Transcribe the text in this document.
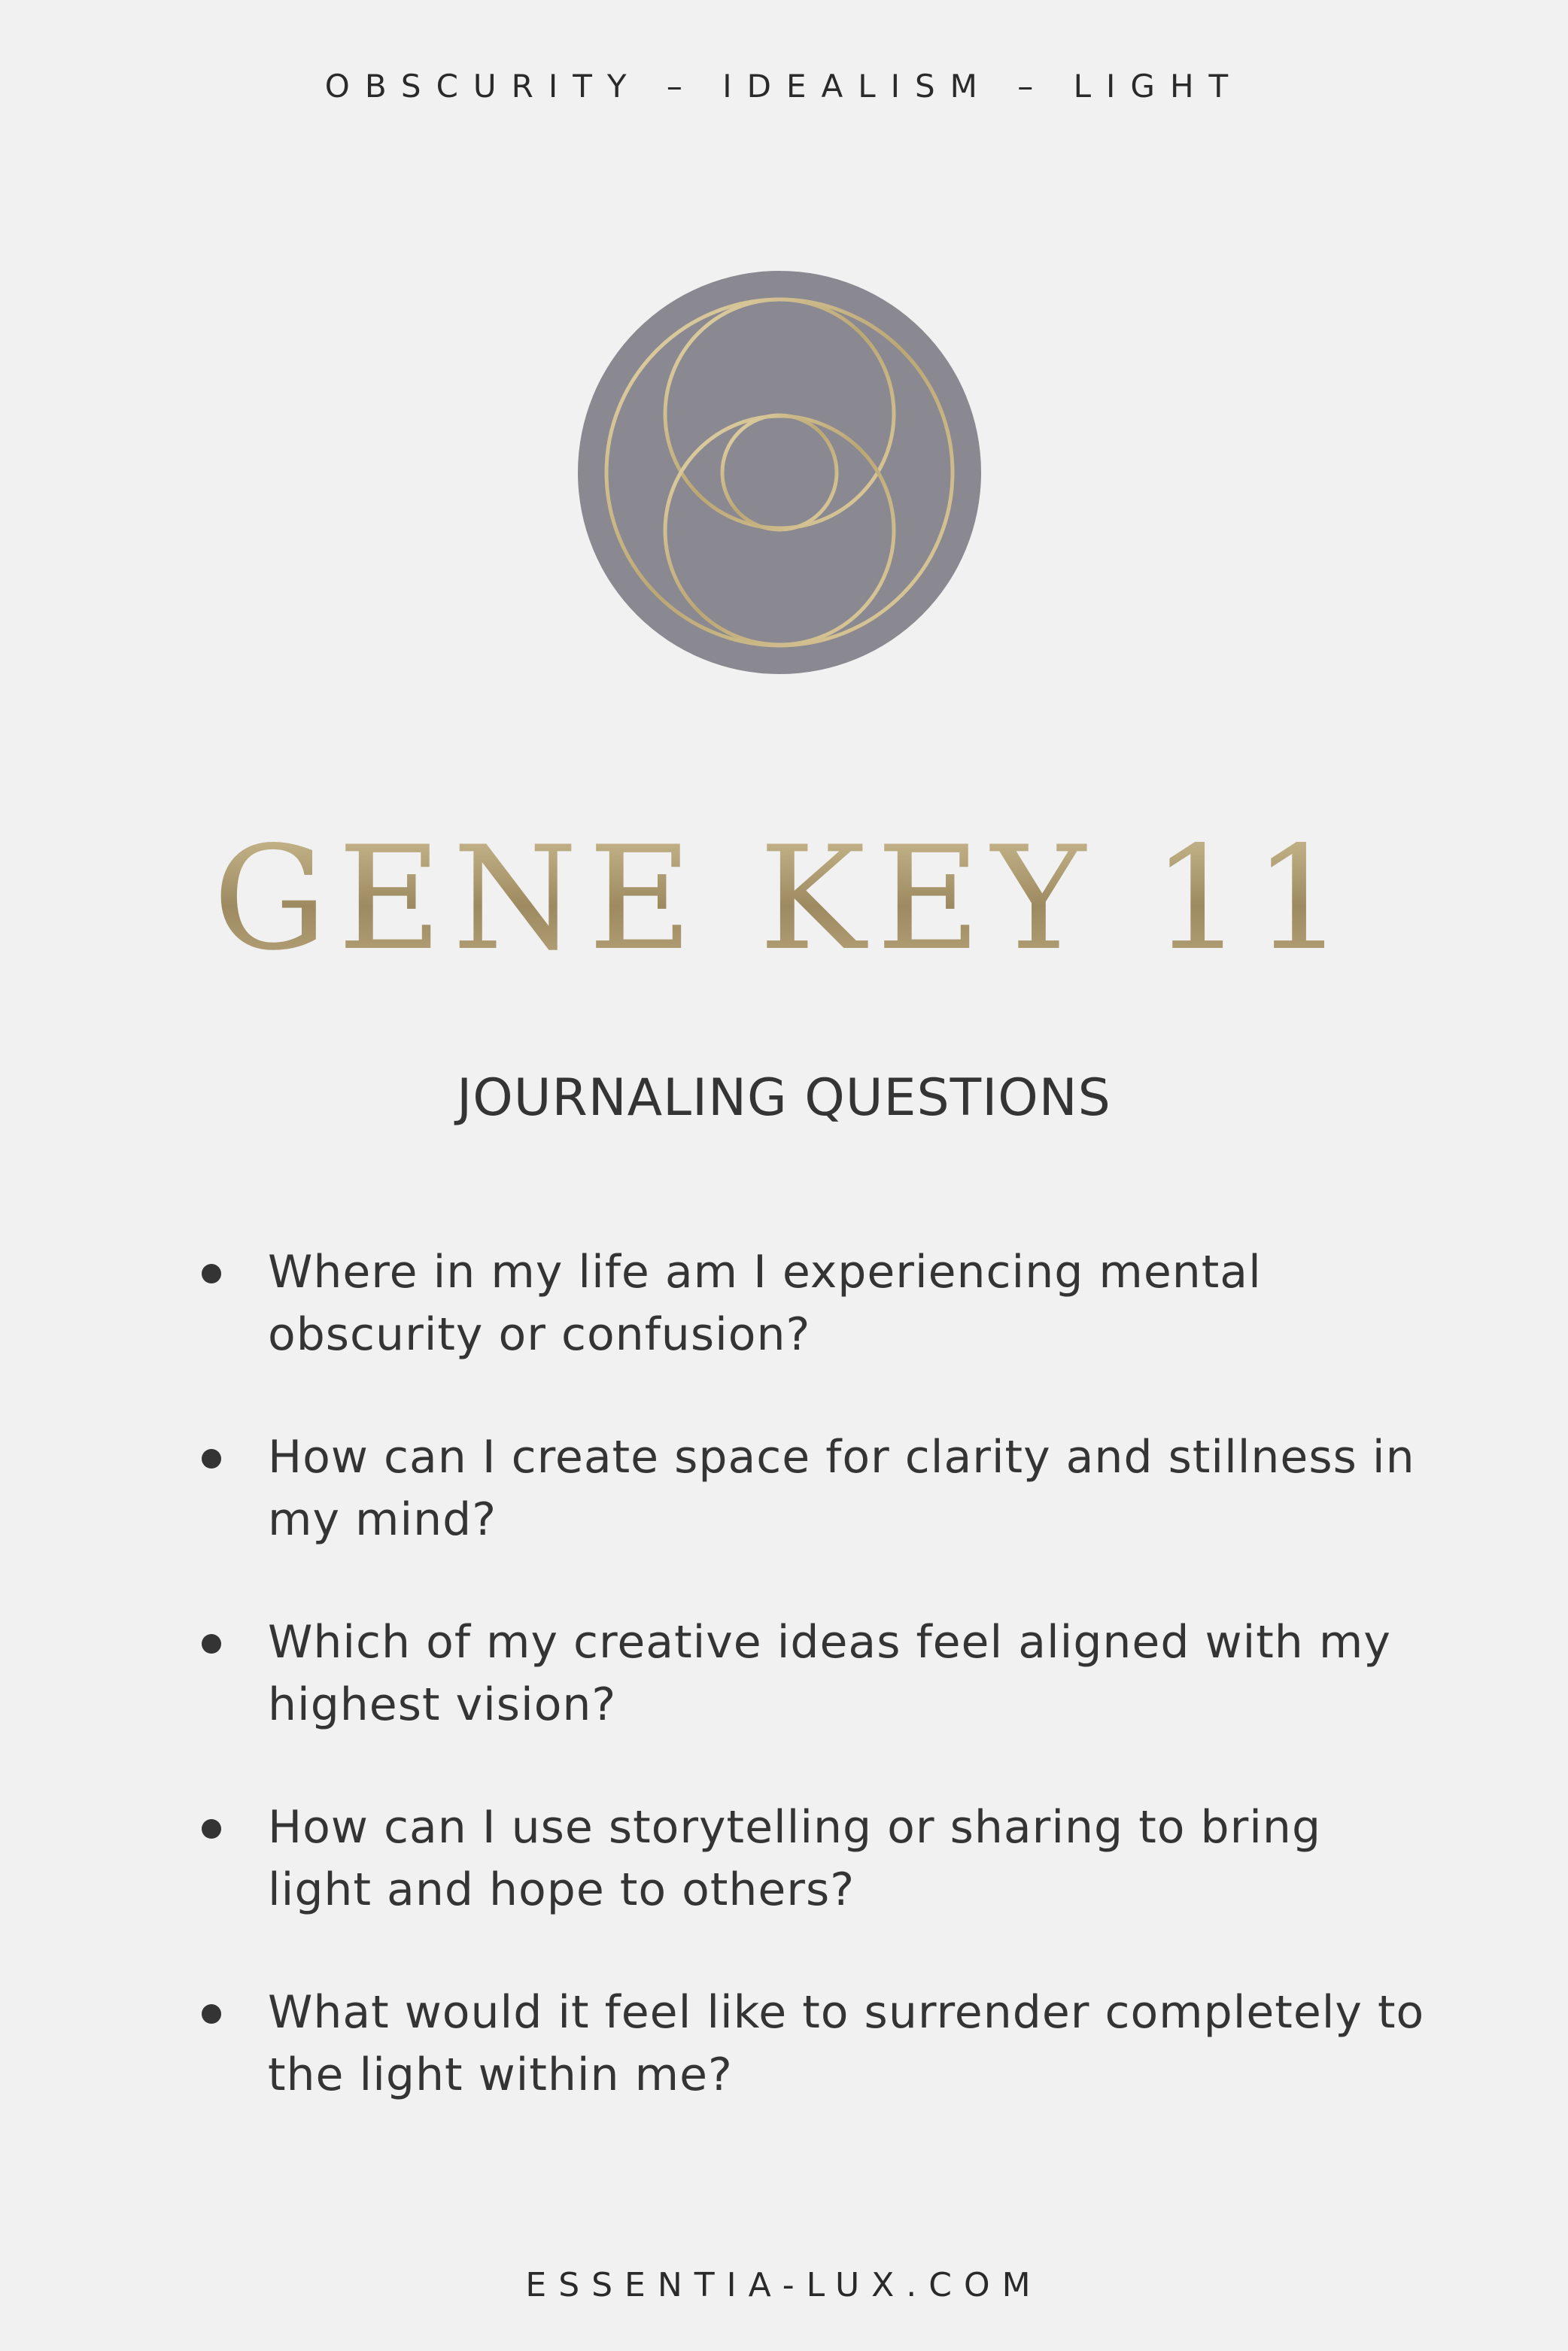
OBSCURITY – IDEALISM – LIGHT
GENE KEY 11
JOURNALING QUESTIONS
Where in my life am I experiencing mental obscurity or confusion?
How can I create space for clarity and stillness in my mind?
Which of my creative ideas feel aligned with my highest vision?
How can I use storytelling or sharing to bring light and hope to others?
What would it feel like to surrender completely to the light within me?
ESSENTIA-LUX.COM
